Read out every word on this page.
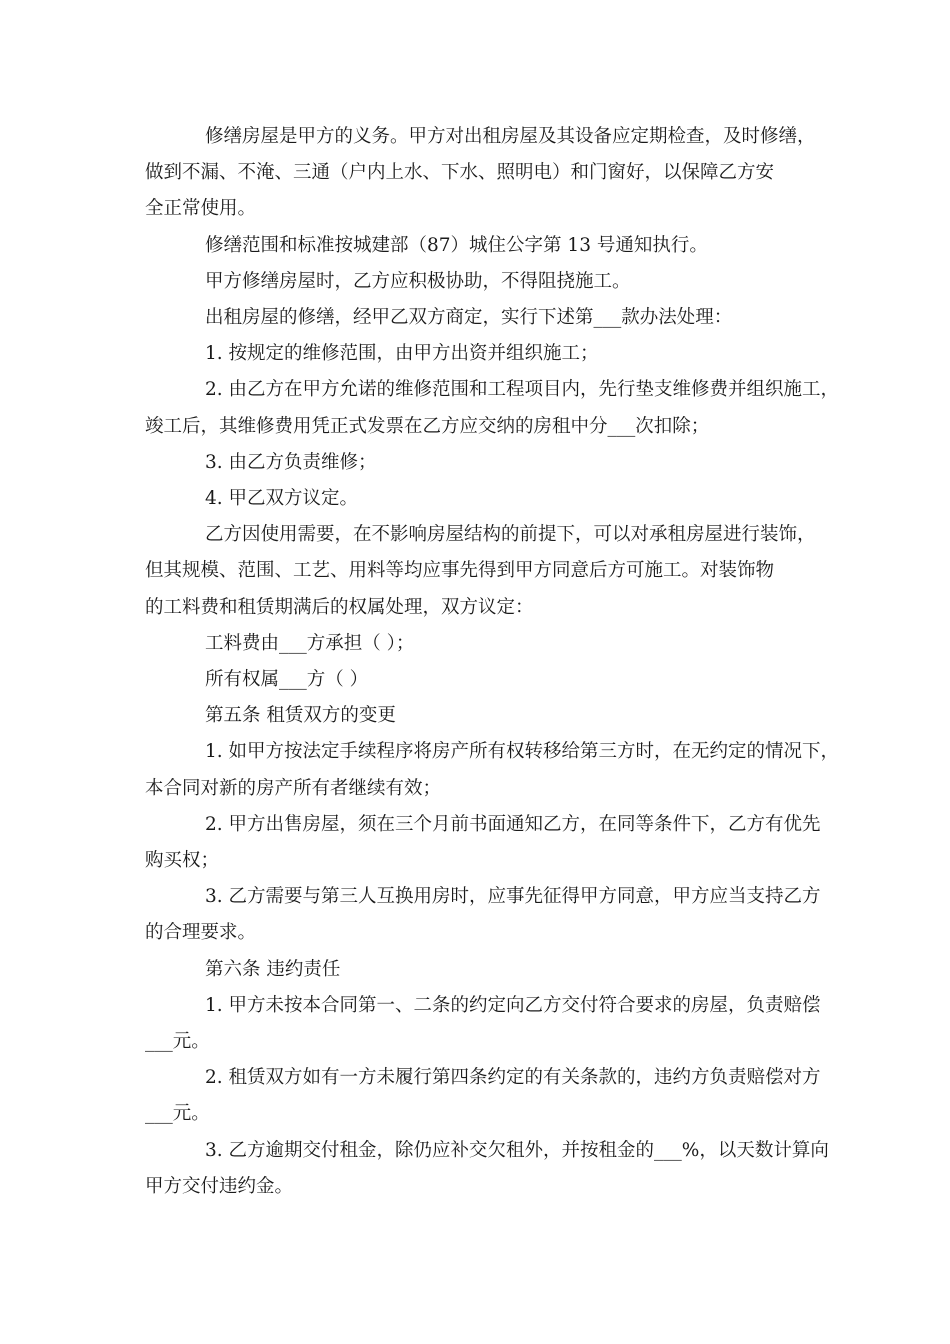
修缮房屋是甲方的义务。甲方对出租房屋及其设备应定期检查，及时修缮，
做到不漏、不淹、三通（户内上水、下水、照明电）和门窗好，以保障乙方安
全正常使用。

修缮范围和标准按城建部（87）城住公字第 13 号通知执行。

甲方修缮房屋时，乙方应积极协助，不得阻挠施工。

出租房屋的修缮，经甲乙双方商定，实行下述第___款办法处理：

1. 按规定的维修范围，由甲方出资并组织施工；

2. 由乙方在甲方允诺的维修范围和工程项目内，先行垫支维修费并组织施工，
竣工后，其维修费用凭正式发票在乙方应交纳的房租中分___次扣除；

3. 由乙方负责维修；

4. 甲乙双方议定。

乙方因使用需要，在不影响房屋结构的前提下，可以对承租房屋进行装饰，
但其规模、范围、工艺、用料等均应事先得到甲方同意后方可施工。对装饰物
的工料费和租赁期满后的权属处理，双方议定：

工料费由___方承担（ ）；

所有权属___方（ ）

第五条 租赁双方的变更

1. 如甲方按法定手续程序将房产所有权转移给第三方时，在无约定的情况下，
本合同对新的房产所有者继续有效；

2. 甲方出售房屋，须在三个月前书面通知乙方，在同等条件下，乙方有优先
购买权；

3. 乙方需要与第三人互换用房时，应事先征得甲方同意，甲方应当支持乙方
的合理要求。

第六条 违约责任

1. 甲方未按本合同第一、二条的约定向乙方交付符合要求的房屋，负责赔偿
___元。

2. 租赁双方如有一方未履行第四条约定的有关条款的，违约方负责赔偿对方
___元。

3. 乙方逾期交付租金，除仍应补交欠租外，并按租金的___%，以天数计算向
甲方交付违约金。
